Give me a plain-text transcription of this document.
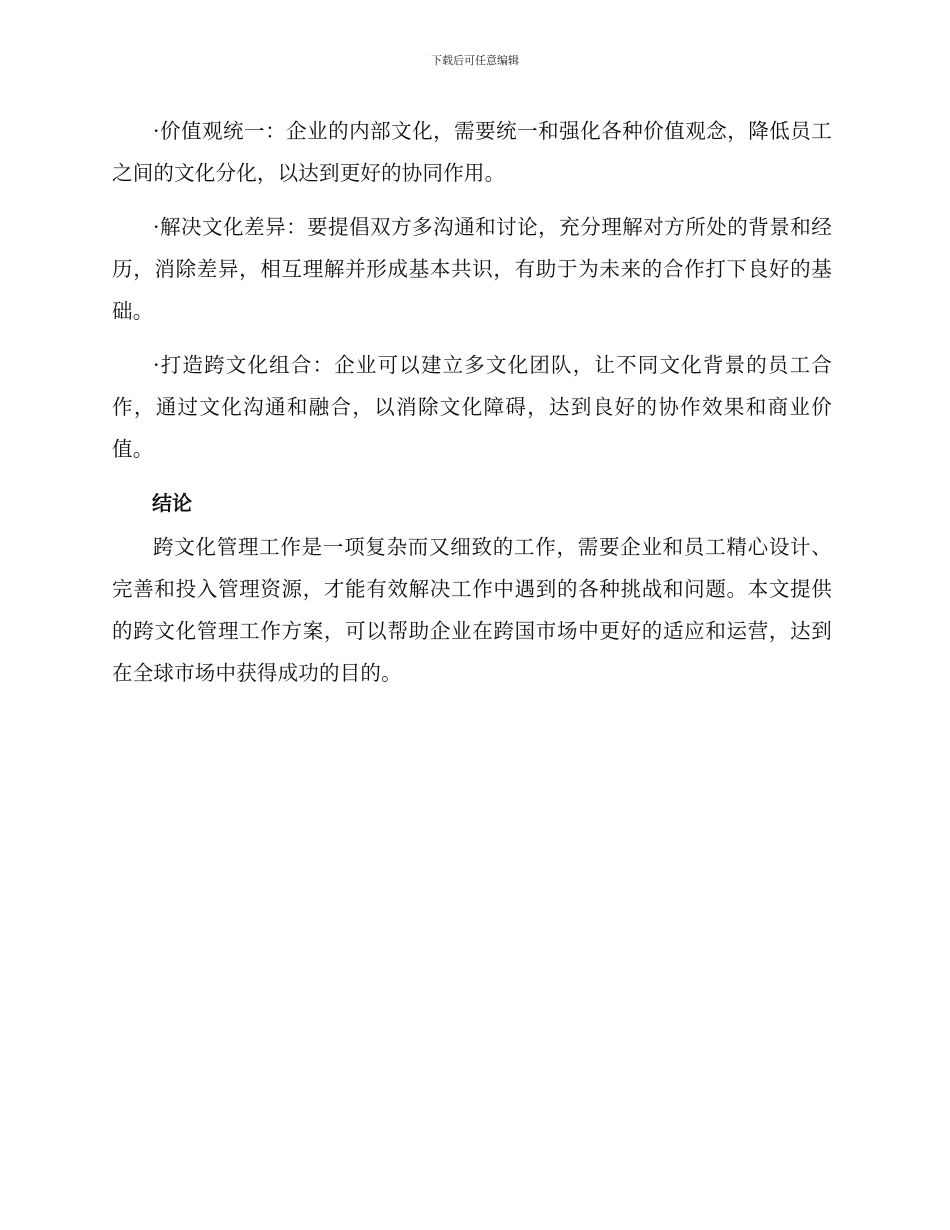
下载后可任意编辑

·价值观统一：企业的内部文化，需要统一和强化各种价值观念，降低员工之间的文化分化，以达到更好的协同作用。

·解决文化差异：要提倡双方多沟通和讨论，充分理解对方所处的背景和经历，消除差异，相互理解并形成基本共识，有助于为未来的合作打下良好的基础。

·打造跨文化组合：企业可以建立多文化团队，让不同文化背景的员工合作，通过文化沟通和融合，以消除文化障碍，达到良好的协作效果和商业价值。

结论

跨文化管理工作是一项复杂而又细致的工作，需要企业和员工精心设计、完善和投入管理资源，才能有效解决工作中遇到的各种挑战和问题。本文提供的跨文化管理工作方案，可以帮助企业在跨国市场中更好的适应和运营，达到在全球市场中获得成功的目的。
